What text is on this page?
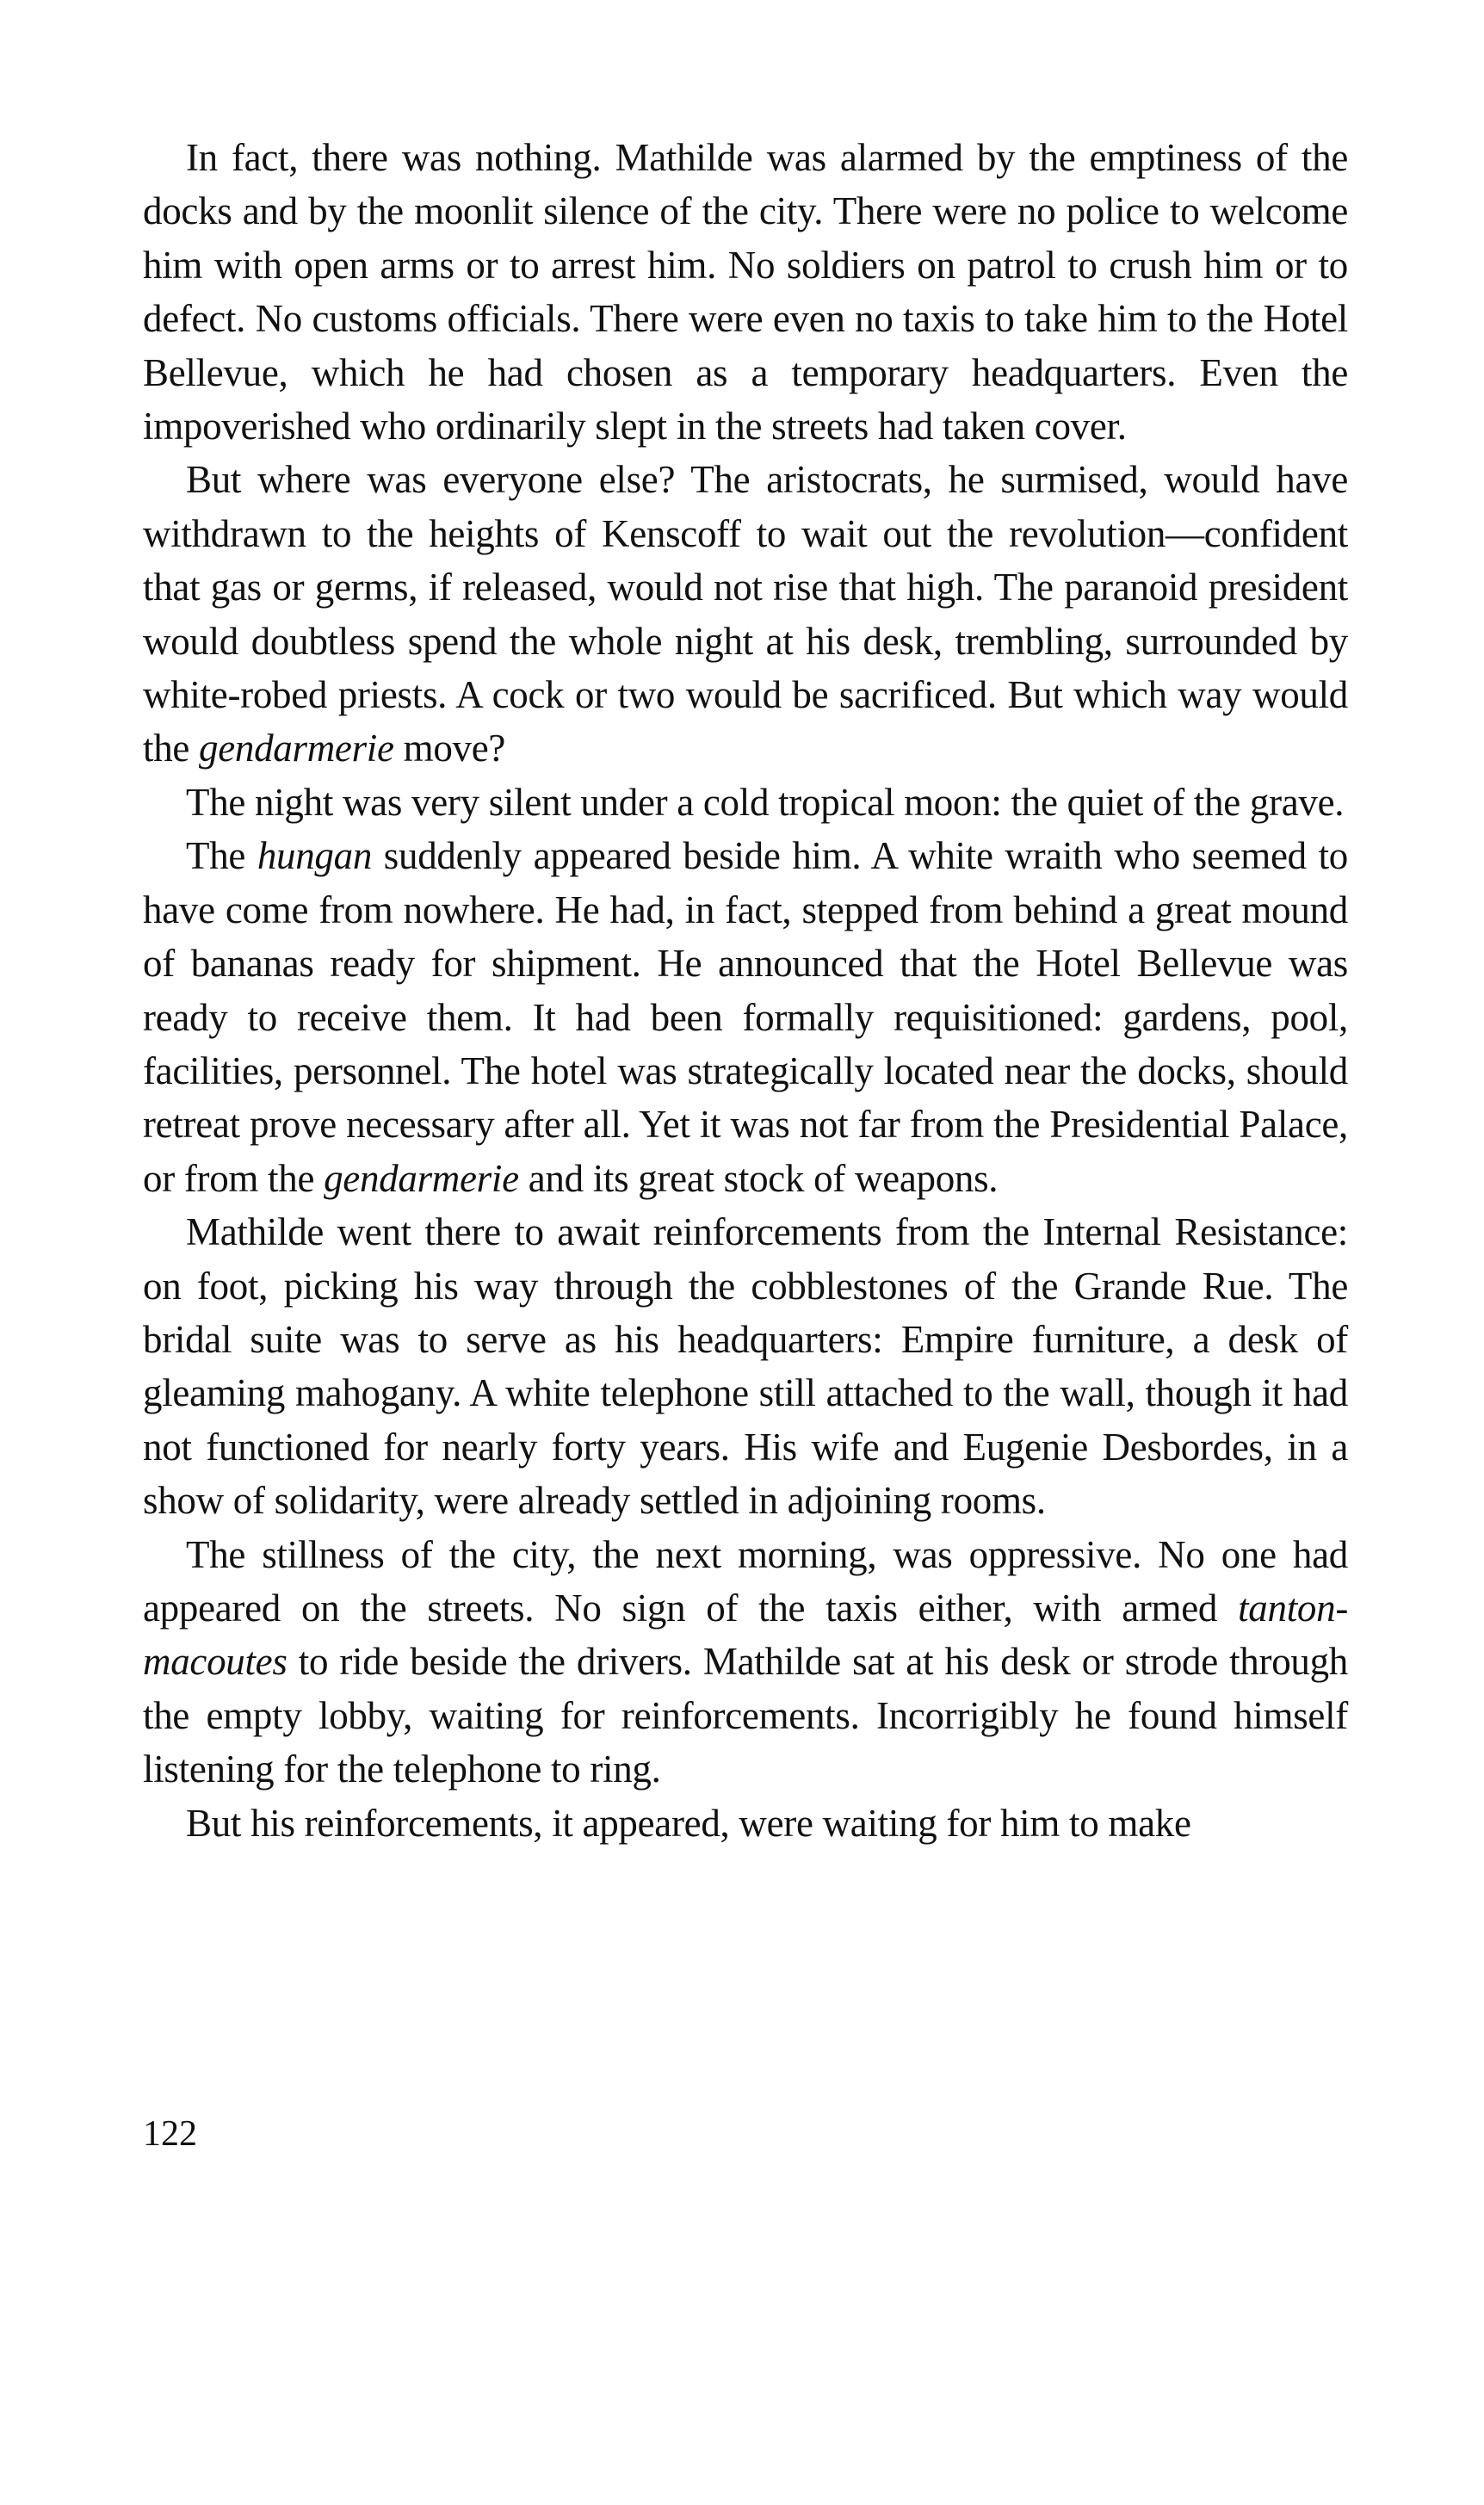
In fact, there was nothing. Mathilde was alarmed by the emptiness of the docks and by the moonlit silence of the city. There were no police to welcome him with open arms or to arrest him. No soldiers on patrol to crush him or to defect. No customs officials. There were even no taxis to take him to the Hotel Bellevue, which he had chosen as a temporary headquarters. Even the impoverished who ordinarily slept in the streets had taken cover.

But where was everyone else? The aristocrats, he surmised, would have withdrawn to the heights of Kenscoff to wait out the revolution—confident that gas or germs, if released, would not rise that high. The paranoid president would doubtless spend the whole night at his desk, trembling, surrounded by white-robed priests. A cock or two would be sacrificed. But which way would the gendarmerie move?

The night was very silent under a cold tropical moon: the quiet of the grave.

The hungan suddenly appeared beside him. A white wraith who seemed to have come from nowhere. He had, in fact, stepped from behind a great mound of bananas ready for shipment. He announced that the Hotel Bellevue was ready to receive them. It had been formally requisitioned: gardens, pool, facilities, personnel. The hotel was strategically located near the docks, should retreat prove necessary after all. Yet it was not far from the Presidential Palace, or from the gendarmerie and its great stock of weapons.

Mathilde went there to await reinforcements from the Internal Resistance: on foot, picking his way through the cobblestones of the Grande Rue. The bridal suite was to serve as his headquarters: Empire furniture, a desk of gleaming mahogany. A white telephone still attached to the wall, though it had not functioned for nearly forty years. His wife and Eugenie Desbordes, in a show of solidarity, were already settled in adjoining rooms.

The stillness of the city, the next morning, was oppressive. No one had appeared on the streets. No sign of the taxis either, with armed tanton-macoutes to ride beside the drivers. Mathilde sat at his desk or strode through the empty lobby, waiting for reinforcements. Incorrigibly he found himself listening for the telephone to ring.

But his reinforcements, it appeared, were waiting for him to make

122
